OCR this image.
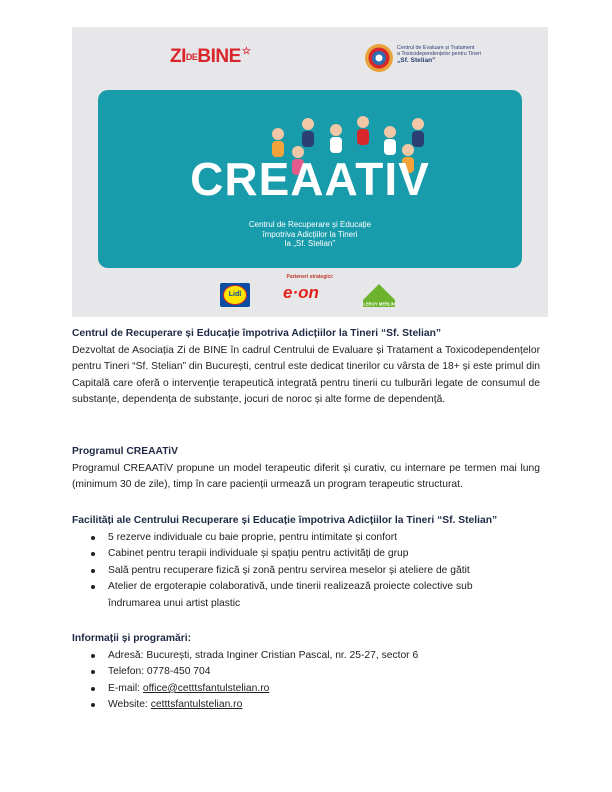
ZIDEBINE☆	Centrul de Evaluare și Tratament
a Toxicodependențelor pentru Tineri
„Sf. Stelian"
CREAATIV
Centrul de Recuperare și Educație
împotriva Adicțiilor la Tineri
la „Sf. Stelian"
Parteneri strategici:
Lidl	e·on
LEROY MERLIN
Centrul de Recuperare și Educație împotriva Adicțiilor la Tineri “Sf. Stelian”
Dezvoltat de Asociația Zi de BINE în cadrul Centrului de Evaluare și Tratament a Toxicodependențelor pentru Tineri “Sf. Stelian” din București, centrul este dedicat tinerilor cu vârsta de 18+ și este primul din Capitală care oferă o intervenție terapeutică integrată pentru tinerii cu tulburări legate de consumul de substanțe, dependența de substanțe, jocuri de noroc și alte forme de dependență.
Programul CREAATiV
Programul CREAATiV propune un model terapeutic diferit și curativ, cu internare pe termen mai lung (minimum 30 de zile), timp în care pacienții urmează un program terapeutic structurat.
Facilități ale Centrului Recuperare și Educație împotriva Adicțiilor la Tineri “Sf. Stelian”
5 rezerve individuale cu baie proprie, pentru intimitate și confort
Cabinet pentru terapii individuale și spațiu pentru activități de grup
Sală pentru recuperare fizică și zonă pentru servirea meselor și ateliere de gătit
Atelier de ergoterapie colaborativă, unde tinerii realizează proiecte colective sub îndrumarea unui artist plastic
Informații și programări:
Adresă: București, strada Inginer Cristian Pascal, nr. 25-27, sector 6
Telefon: 0778-450 704
E-mail: office@cetttsfantulstelian.ro
Website: cetttsfantulstelian.ro
